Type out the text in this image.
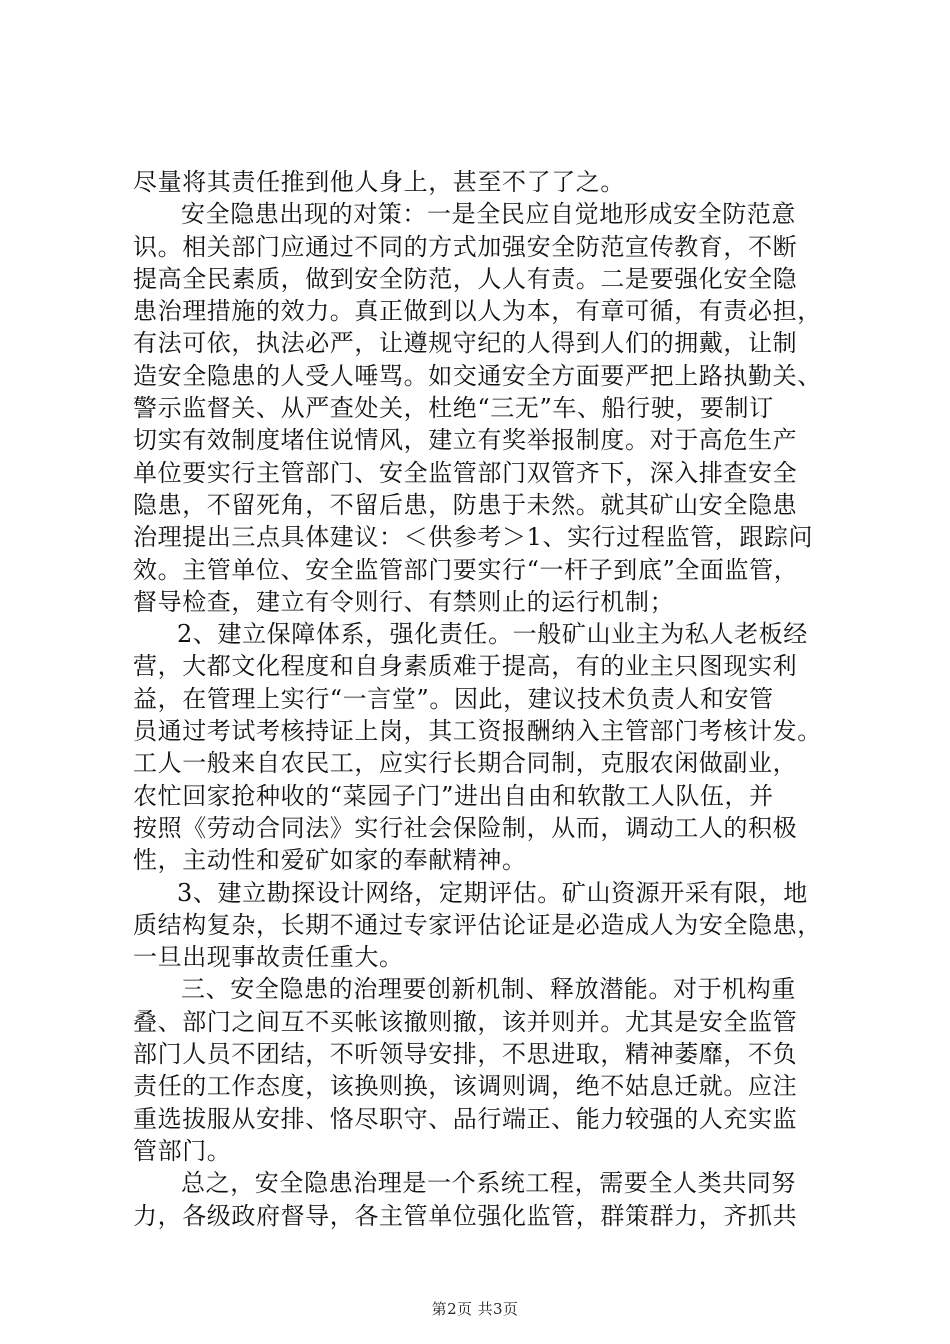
尽量将其责任推到他人身上，甚至不了了之。

安全隐患出现的对策：一是全民应自觉地形成安全防范意
识。相关部门应通过不同的方式加强安全防范宣传教育，不断
提高全民素质，做到安全防范，人人有责。二是要强化安全隐
患治理措施的效力。真正做到以人为本，有章可循，有责必担，
有法可依，执法必严，让遵规守纪的人得到人们的拥戴，让制
造安全隐患的人受人唾骂。如交通安全方面要严把上路执勤关、
警示监督关、从严查处关，杜绝“三无”车、船行驶，要制订
切实有效制度堵住说情风，建立有奖举报制度。对于高危生产
单位要实行主管部门、安全监管部门双管齐下，深入排查安全
隐患，不留死角，不留后患，防患于未然。就其矿山安全隐患
治理提出三点具体建议：＜供参考＞1、实行过程监管，跟踪问
效。主管单位、安全监管部门要实行“一杆子到底”全面监管，
督导检查，建立有令则行、有禁则止的运行机制；

2、建立保障体系，强化责任。一般矿山业主为私人老板经
营，大都文化程度和自身素质难于提高，有的业主只图现实利
益，在管理上实行“一言堂”。因此，建议技术负责人和安管
员通过考试考核持证上岗，其工资报酬纳入主管部门考核计发。
工人一般来自农民工，应实行长期合同制，克服农闲做副业，
农忙回家抢种收的“菜园子门”进出自由和软散工人队伍，并
按照《劳动合同法》实行社会保险制，从而，调动工人的积极
性，主动性和爱矿如家的奉献精神。

3、建立勘探设计网络，定期评估。矿山资源开采有限，地
质结构复杂，长期不通过专家评估论证是必造成人为安全隐患，
一旦出现事故责任重大。

三、安全隐患的治理要创新机制、释放潜能。对于机构重
叠、部门之间互不买帐该撤则撤，该并则并。尤其是安全监管
部门人员不团结，不听领导安排，不思进取，精神萎靡，不负
责任的工作态度，该换则换，该调则调，绝不姑息迁就。应注
重选拔服从安排、恪尽职守、品行端正、能力较强的人充实监
管部门。

总之，安全隐患治理是一个系统工程，需要全人类共同努
力，各级政府督导，各主管单位强化监管，群策群力，齐抓共

第2页 共3页
